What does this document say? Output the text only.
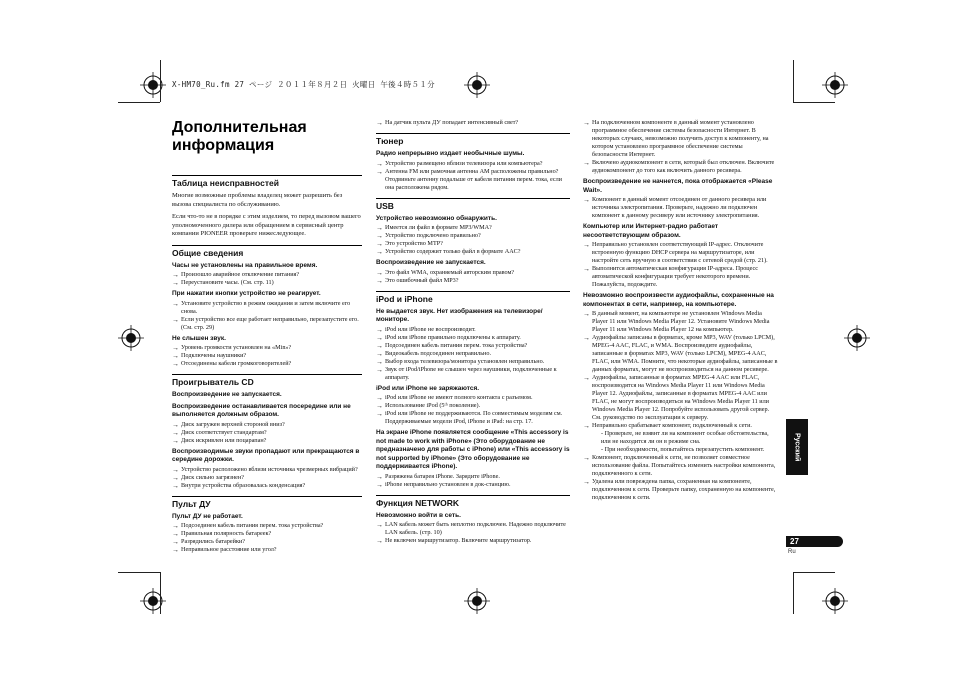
X-HM70_Ru.fm 27 ページ ２０１１年８月２日 火曜日 午後４時５１分
Дополнительная информация
Таблица неисправностей

Многие возможные проблемы владелец может разрешить без вызова специалиста по обслуживанию.

Если что-то не в порядке с этим изделием, то перед вызовом вашего уполномоченного дилера или обращением в сервисный центр компании PIONEER проверьте нижеследующее.

Общие сведения
Часы не установлены на правильное время.

→ Произошло аварийное отключение питания?

→ Переустановите часы. (См. стр. 11)

При нажатии кнопки устройство не реагирует.

→ Установите устройство в режим ожидания и затем включите его снова.

→ Если устройство все еще работает неправильно, перезапустите его. (См. стр. 29)

Не слышен звук.

→ Уровень громкости установлен на «Min»?

→ Подключены наушники?

→ Отсоединены кабели громкоговорителей?

Проигрыватель CD
Воспроизведение не запускается.
Воспроизведение останавливается посередине или не выполняется должным образом.

→ Диск загружен верхней стороной вниз?

→ Диск соответствует стандартам?

→ Диск искривлен или поцарапан?

Воспроизводимые звуки пропадают или прекращаются в середине дорожки.

→ Устройство расположено вблизи источника чрезмерных вибраций?

→ Диск сильно загрязнен?

→ Внутри устройства образовалась конденсация?

Пульт ДУ
Пульт ДУ не работает.

→ Подсоединен кабель питания перем. тока устройства?

→ Правильная полярность батареек?

→ Разрядились батарейки?

→ Неправильное расстояние или угол?

→ На датчик пульта ДУ попадает интенсивный свет?

Тюнер
Радио непрерывно издает необычные шумы.

→ Устройство размещено вблизи телевизора или компьютера?

→ Антенна FM или рамочная антенна AM расположены правильно? Отодвиньте антенну подальше от кабеля питания перем. тока, если она расположена рядом.

USB
Устройство невозможно обнаружить.

→ Имеется ли файл в формате MP3/WMA?

→ Устройство подключено правильно?

→ Это устройство MTP?

→ Устройство содержит только файл в формате AAC?

Воспроизведение не запускается.

→ Это файл WMA, охраняемый авторским правом?

→ Это ошибочный файл MP3?

iPod и iPhone
Не выдается звук. Нет изображения на телевизоре/мониторе.

→ iPod или iPhone не воспроизводит.

→ iPod или iPhone правильно подключены к аппарату.

→ Подсоединен кабель питания перем. тока устройства?

→ Видеокабель подсоединен неправильно.

→ Выбор входа телевизора/монитора установлен неправильно.

→ Звук от iPod/iPhone не слышен через наушники, подключенные к аппарату.

iPod или iPhone не заряжаются.

→ iPod или iPhone не имеют полного контакта с разъемом.

→ Использование iPod (5ᵗʰ поколение).

→ iPod или iPhone не поддерживаются. По совместимым моделям см. Поддерживаемые модели iPod, iPhone и iPad: на стр. 17.

На экране iPhone появляется сообщение «This accessory is not made to work with iPhone» (Это оборудование не предназначено для работы с iPhone) или «This accessory is not supported by iPhone» (Это оборудование не поддерживается iPhone).

→ Разряжена батарея iPhone. Зарядите iPhone.

→ iPhone неправильно установлен в док-станцию.

Функция NETWORK
Невозможно войти в сеть.

→ LAN кабель может быть неплотно подключен. Надежно подключите LAN кабель. (стр. 10)

→ Не включен маршрутизатор. Включите маршрутизатор.

→ На подключенном компоненте в данный момент установлено программное обеспечение системы безопасности Интернет. В некоторых случаях, невозможно получить доступ к компоненту, на котором установлено программное обеспечение системы безопасности Интернет.

→ Включено аудиокомпонент в сети, который был отключен. Включите аудиокомпонент до того как включить данного ресивера.

Воспроизведение не начнется, пока отображается «Please Wait».

→ Компонент в данный момент отсоединен от данного ресивера или источника электропитания. Проверьте, надежно ли подключен компонент к данному ресиверу или источнику электропитания.

Компьютер или Интернет-радио работает несоответствующим образом.

→ Неправильно установлен соответствующий IP-адрес. Отключите встроенную функцию DHCP сервера на маршрутизаторе, или настройте сеть вручную в соответствии с сетевой средой (стр. 21).

→ Выполнится автоматическая конфигурация IP-адреса. Процесс автоматической конфигурации требует некоторого времени. Пожалуйста, подождите.

Невозможно воспроизвести аудиофайлы, сохраненные на компонентах в сети, например, на компьютере.

→ В данный момент, на компьютере не установлен Windows Media Player 11 или Windows Media Player 12. Установите Windows Media Player 11 или Windows Media Player 12 на компьютер.

→ Аудиофайлы записаны в форматах, кроме MP3, WAV (только LPCM), MPEG-4 AAC, FLAC, и WMA. Воспроизведите аудиофайлы, записанные в форматах MP3, WAV (только LPCM), MPEG-4 AAC, FLAC, или WMA. Помните, что некоторые аудиофайлы, записанные в данных форматах, могут не воспроизводиться на данном ресивере.

→ Аудиофайлы, записанные в форматах MPEG-4 AAC или FLAC, воспроизводятся на Windows Media Player 11 или Windows Media Player 12. Аудиофайлы, записанные в форматах MPEG-4 AAC или FLAC, не могут воспроизводиться на Windows Media Player 11 или Windows Media Player 12. Попробуйте использовать другой сервер. См. руководство по эксплуатации к серверу.

→ Неправильно срабатывает компонент, подключенный к сети.

- Проверьте, не взявнт ли на компонент особые обстоятельства, или не находится ли он в режиме сна.

- При необходимости, попытайтесь перезапустить компонент.

→ Компонент, подключенный к сети, не позволяет совместное использование файла. Попытайтесь изменить настройки компонента, подключенного к сети.

→ Удалена или повреждена папка, сохраненная на компоненте, подключенном к сети. Проверьте папку, сохраненную на компоненте, подключенном к сети.

Русский
27
Ru
